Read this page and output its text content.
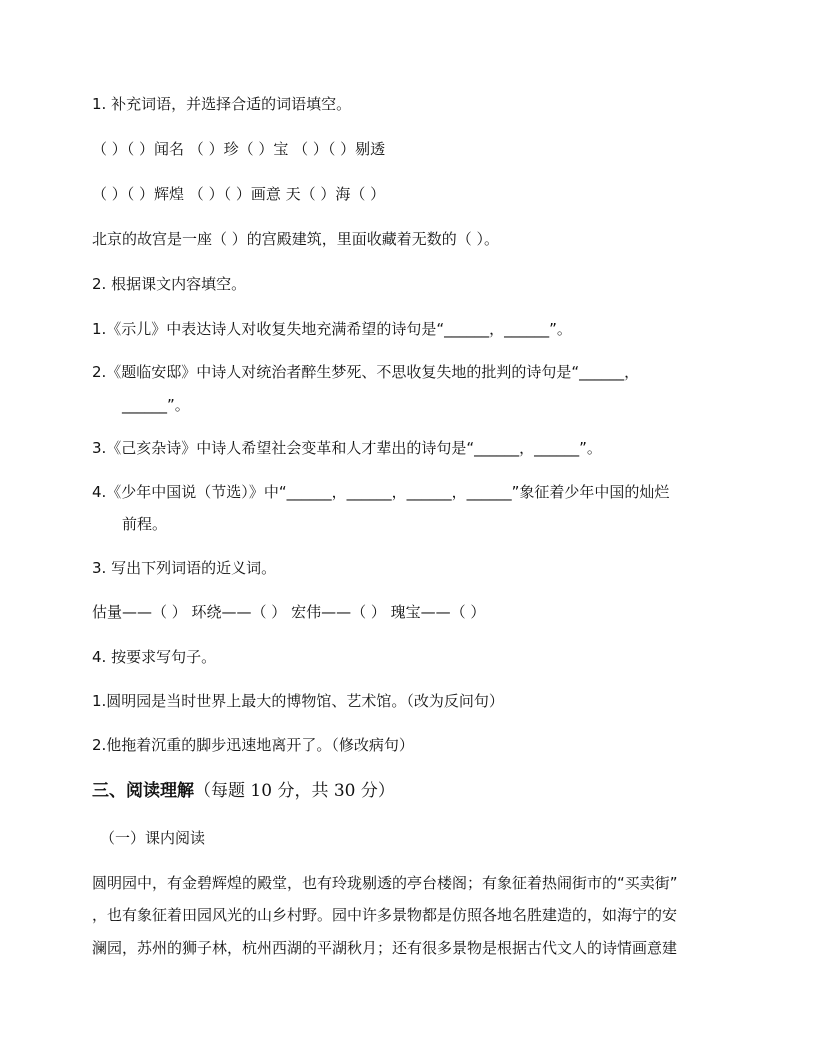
1. 补充词语，并选择合适的词语填空。
（ ）（ ）闻名 （ ）珍（ ）宝 （ ）（ ）剔透
（ ）（ ）辉煌 （ ）（ ）画意 天（ ）海（ ）
北京的故宫是一座（ ）的宫殿建筑，里面收藏着无数的（ ）。
2. 根据课文内容填空。
1.《示儿》中表达诗人对收复失地充满希望的诗句是“______，______”。
2.《题临安邸》中诗人对统治者醉生梦死、不思收复失地的批判的诗句是“______，
______”。
3.《己亥杂诗》中诗人希望社会变革和人才辈出的诗句是“______，______”。
4.《少年中国说（节选）》中“______，______，______，______”象征着少年中国的灿烂
前程。
3. 写出下列词语的近义词。
估量——（ ） 环绕——（ ） 宏伟——（ ） 瑰宝——（ ）
4. 按要求写句子。
1.圆明园是当时世界上最大的博物馆、艺术馆。（改为反问句）
2.他拖着沉重的脚步迅速地离开了。（修改病句）
三、阅读理解（每题 10 分，共 30 分）
（一）课内阅读
圆明园中，有金碧辉煌的殿堂，也有玲珑剔透的亭台楼阁；有象征着热闹街市的“买卖街”
，也有象征着田园风光的山乡村野。园中许多景物都是仿照各地名胜建造的，如海宁的安
澜园，苏州的狮子林，杭州西湖的平湖秋月；还有很多景物是根据古代文人的诗情画意建
